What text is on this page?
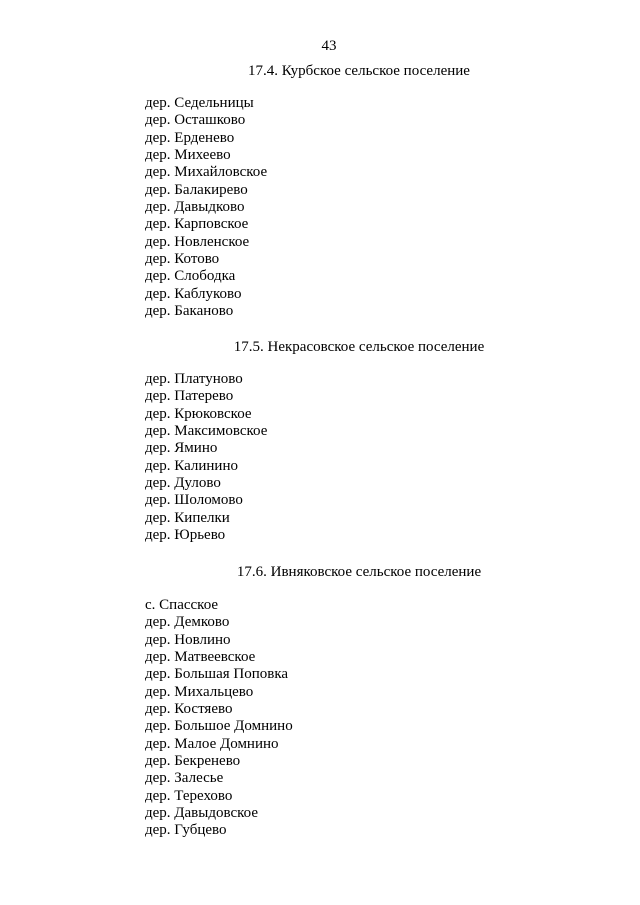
43
17.4. Курбское сельское поселение
дер. Седельницы
дер. Осташково
дер. Ерденево
дер. Михеево
дер. Михайловское
дер. Балакирево
дер. Давыдково
дер. Карповское
дер. Новленское
дер. Котово
дер. Слободка
дер. Каблуково
дер. Баканово
17.5. Некрасовское сельское поселение
дер. Платуново
дер. Патерево
дер. Крюковское
дер. Максимовское
дер. Ямино
дер. Калинино
дер. Дулово
дер. Шоломово
дер. Кипелки
дер. Юрьево
17.6. Ивняковское сельское поселение
с. Спасское
дер. Демково
дер. Новлино
дер. Матвеевское
дер. Большая Поповка
дер. Михальцево
дер. Костяево
дер. Большое Домнино
дер. Малое Домнино
дер. Бекренево
дер. Залесье
дер. Терехово
дер. Давыдовское
дер. Губцево
